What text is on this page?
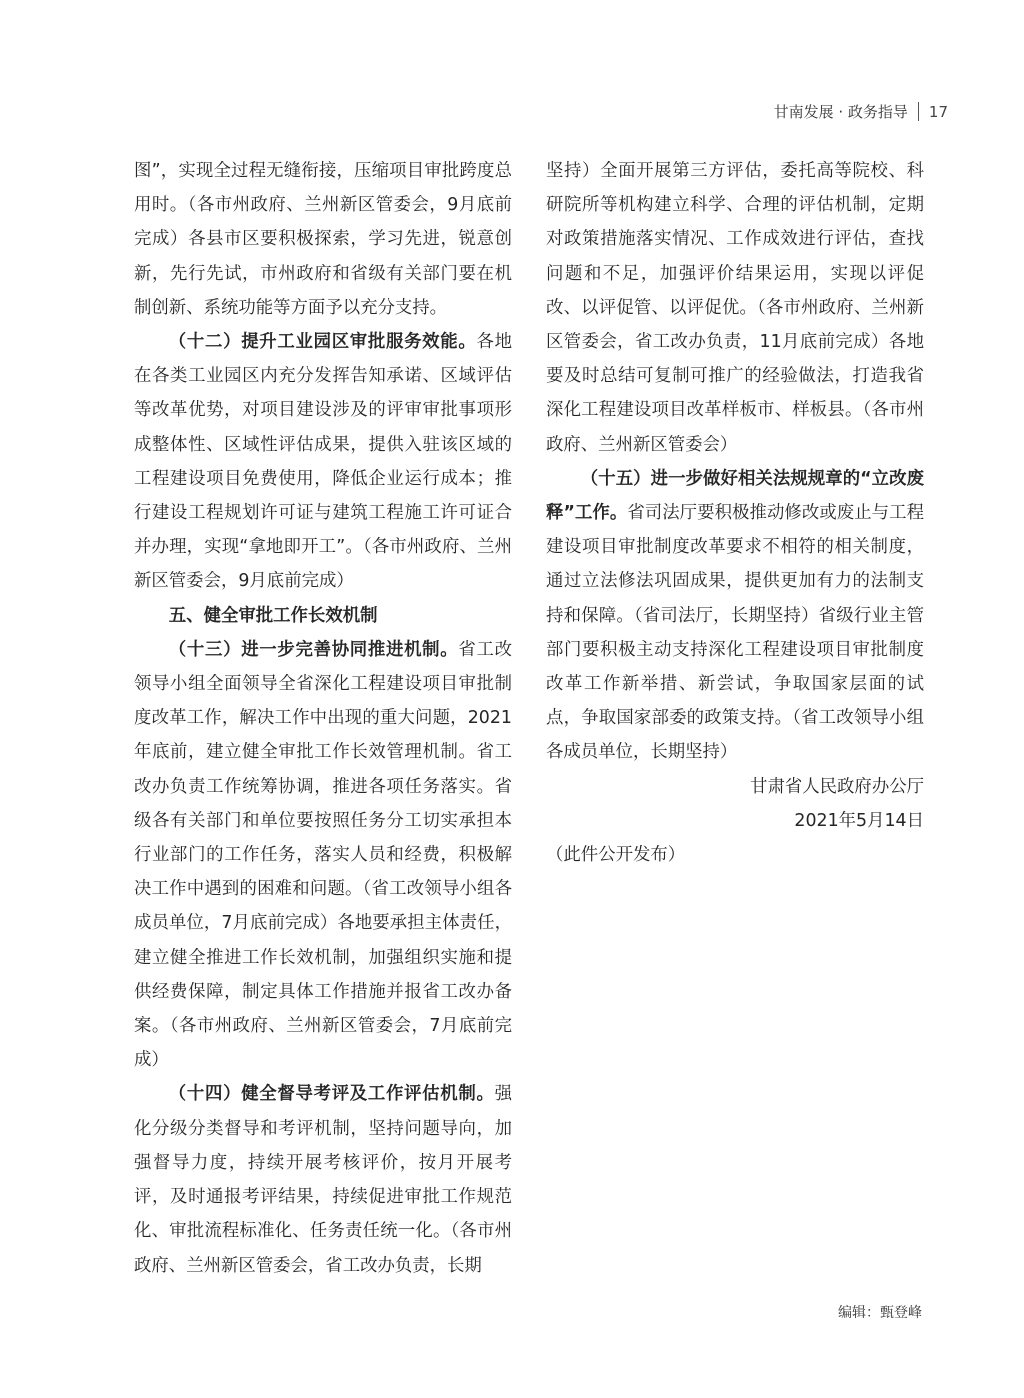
甘南发展 · 政务指导 17

图”，实现全过程无缝衔接，压缩项目审批跨度总用时。（各市州政府、兰州新区管委会，9月底前完成）各县市区要积极探索，学习先进，锐意创新，先行先试，市州政府和省级有关部门要在机制创新、系统功能等方面予以充分支持。

（十二）提升工业园区审批服务效能。各地在各类工业园区内充分发挥告知承诺、区域评估等改革优势，对项目建设涉及的评审审批事项形成整体性、区域性评估成果，提供入驻该区域的工程建设项目免费使用，降低企业运行成本；推行建设工程规划许可证与建筑工程施工许可证合并办理，实现“拿地即开工”。（各市州政府、兰州新区管委会，9月底前完成）

五、健全审批工作长效机制

（十三）进一步完善协同推进机制。省工改领导小组全面领导全省深化工程建设项目审批制度改革工作，解决工作中出现的重大问题，2021年底前，建立健全审批工作长效管理机制。省工改办负责工作统筹协调，推进各项任务落实。省级各有关部门和单位要按照任务分工切实承担本行业部门的工作任务，落实人员和经费，积极解决工作中遇到的困难和问题。（省工改领导小组各成员单位，7月底前完成）各地要承担主体责任，建立健全推进工作长效机制，加强组织实施和提供经费保障，制定具体工作措施并报省工改办备案。（各市州政府、兰州新区管委会，7月底前完成）

（十四）健全督导考评及工作评估机制。强化分级分类督导和考评机制，坚持问题导向，加强督导力度，持续开展考核评价，按月开展考评，及时通报考评结果，持续促进审批工作规范化、审批流程标准化、任务责任统一化。（各市州政府、兰州新区管委会，省工改办负责，长期

坚持）全面开展第三方评估，委托高等院校、科研院所等机构建立科学、合理的评估机制，定期对政策措施落实情况、工作成效进行评估，查找问题和不足，加强评价结果运用，实现以评促改、以评促管、以评促优。（各市州政府、兰州新区管委会，省工改办负责，11月底前完成）各地要及时总结可复制可推广的经验做法，打造我省深化工程建设项目改革样板市、样板县。（各市州政府、兰州新区管委会）

（十五）进一步做好相关法规规章的“立改废释”工作。省司法厅要积极推动修改或废止与工程建设项目审批制度改革要求不相符的相关制度，通过立法修法巩固成果，提供更加有力的法制支持和保障。（省司法厅，长期坚持）省级行业主管部门要积极主动支持深化工程建设项目审批制度改革工作新举措、新尝试，争取国家层面的试点，争取国家部委的政策支持。（省工改领导小组各成员单位，长期坚持）

甘肃省人民政府办公厅

2021年5月14日

（此件公开发布）

编辑：甄登峰
